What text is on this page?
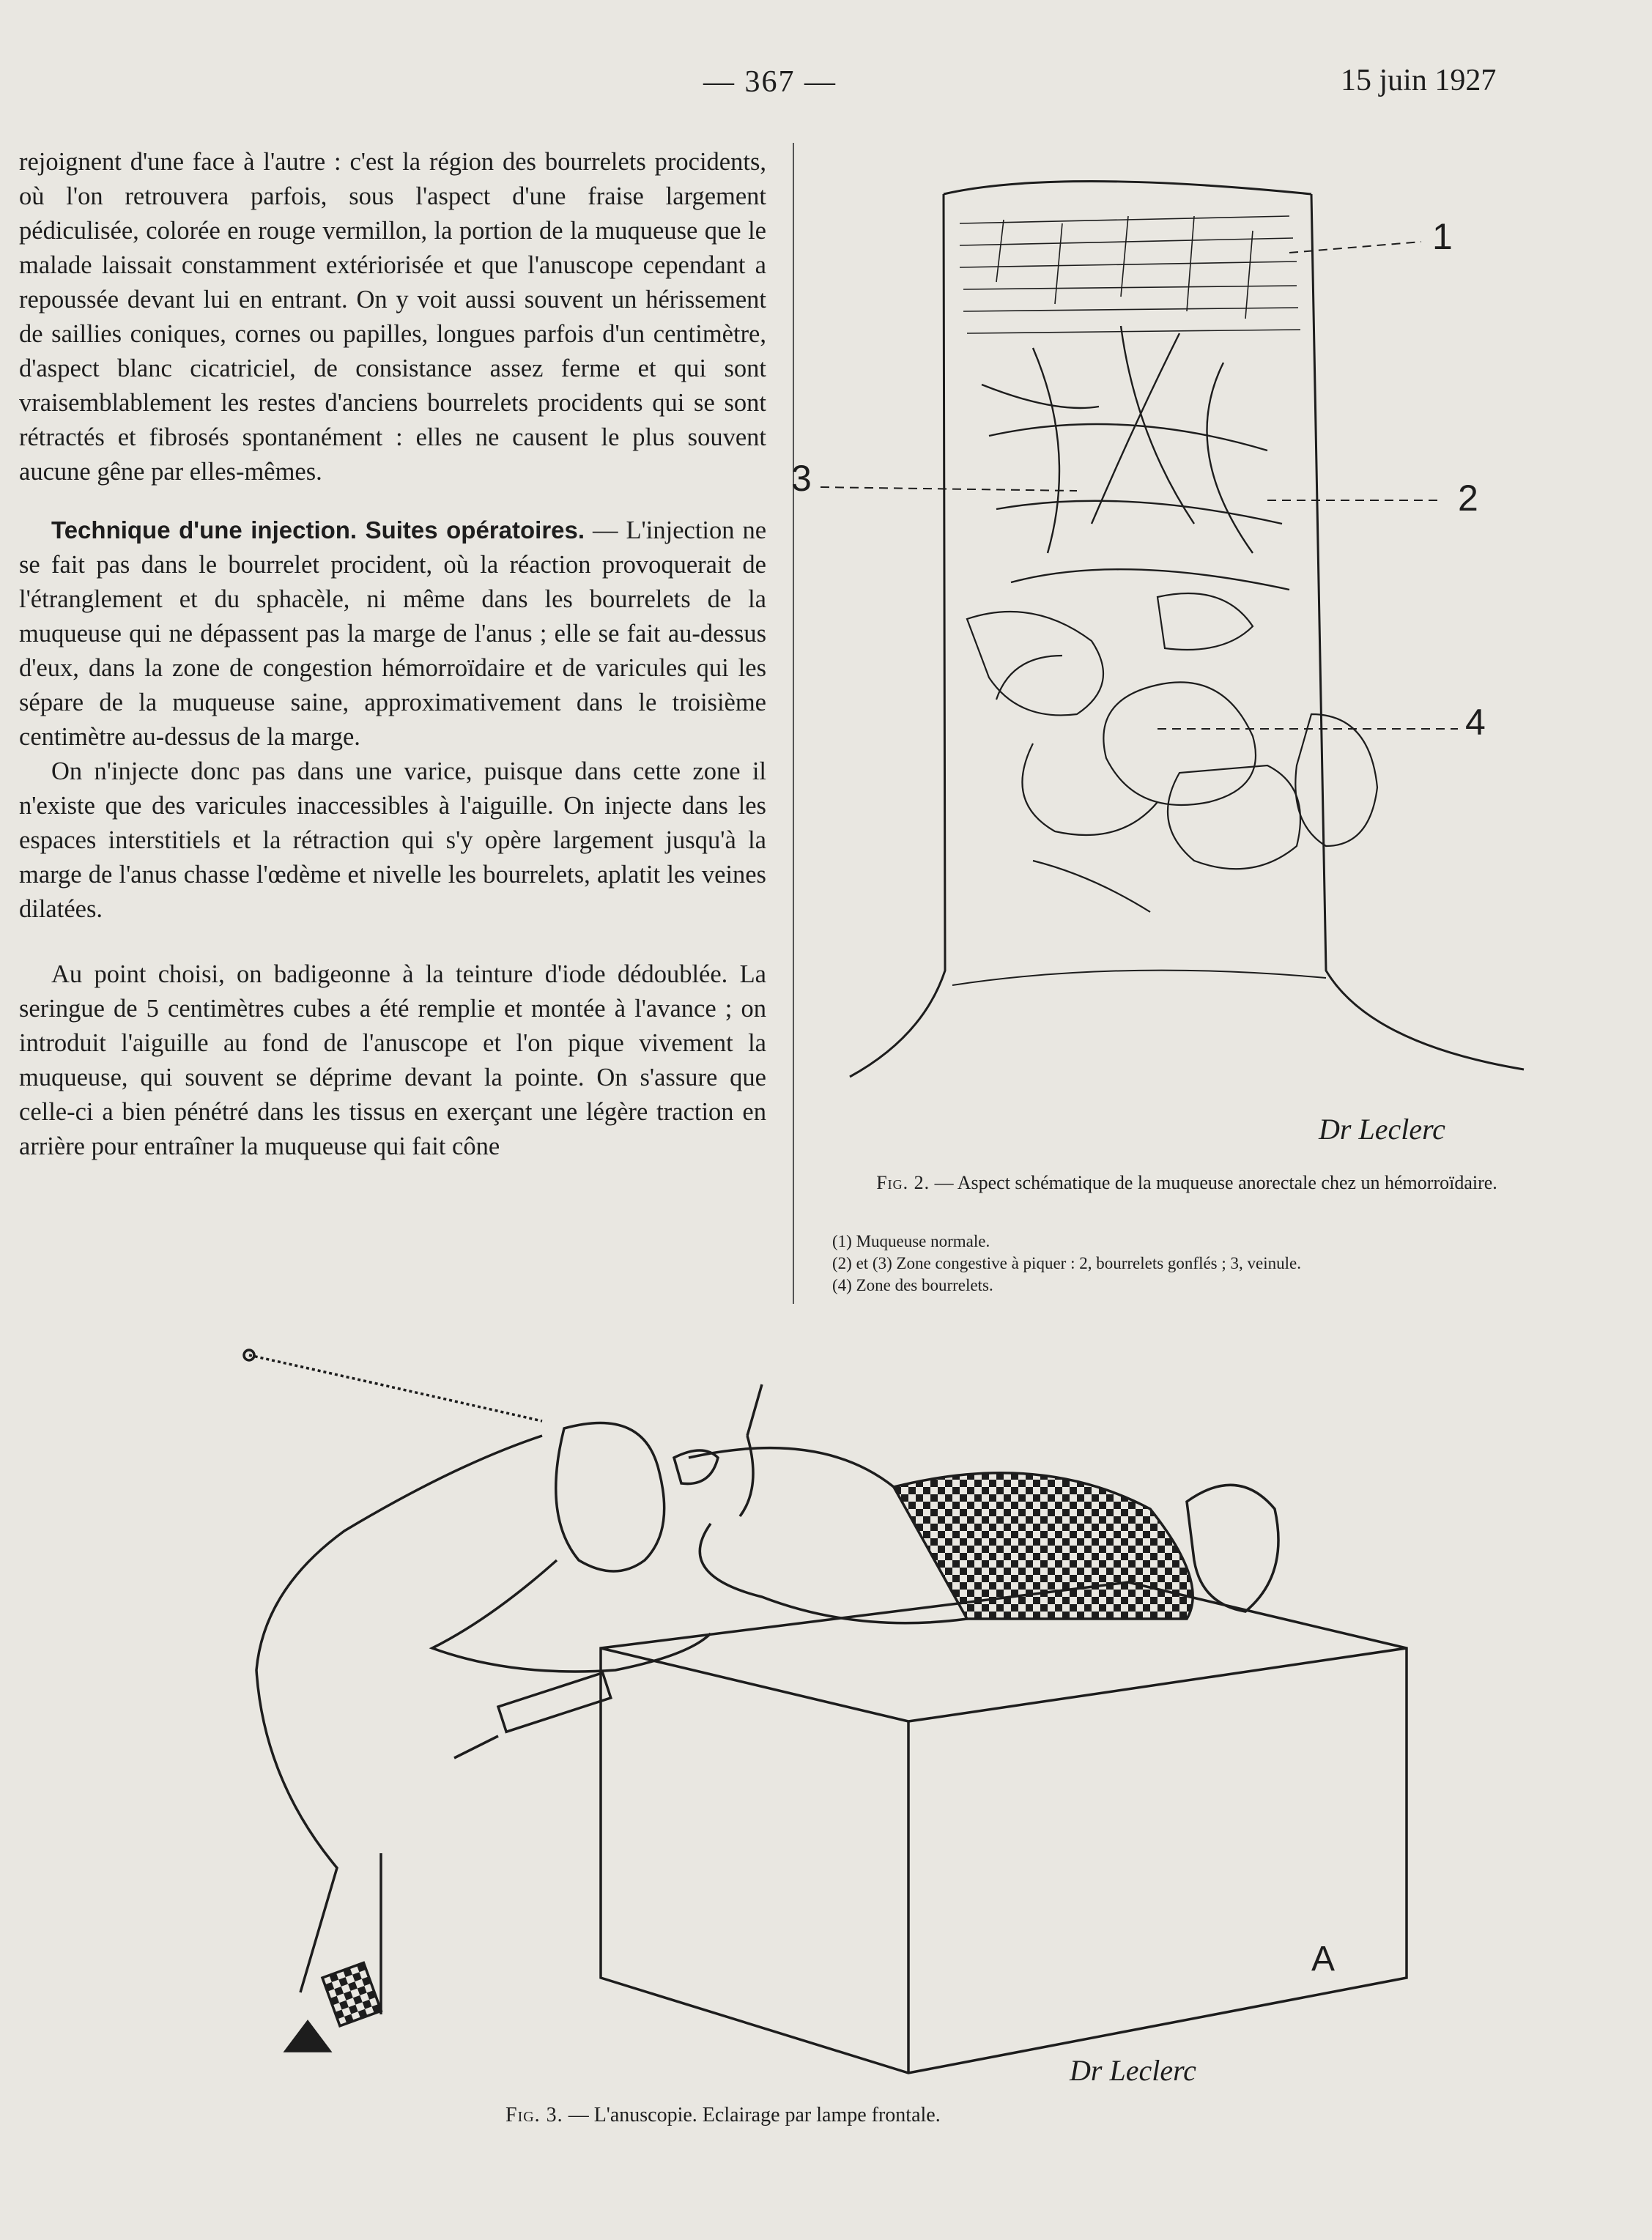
— 367 —	15 juin 1927

rejoignent d'une face à l'autre : c'est la région des bourrelets procidents, où l'on retrouvera parfois, sous l'aspect d'une fraise largement pédiculisée, colorée en rouge vermillon, la portion de la muqueuse que le malade laissait constamment extériorisée et que l'anuscope cependant a repoussée devant lui en entrant. On y voit aussi souvent un hérissement de saillies coniques, cornes ou papilles, longues parfois d'un centimètre, d'aspect blanc cicatriciel, de consistance assez ferme et qui sont vraisemblablement les restes d'anciens bourrelets procidents qui se sont rétractés et fibrosés spontanément : elles ne causent le plus souvent aucune gêne par elles-mêmes.

Technique d'une injection. Suites opératoires. — L'injection ne se fait pas dans le bourrelet procident, où la réaction provoquerait de l'étranglement et du sphacèle, ni même dans les bourrelets de la muqueuse qui ne dépassent pas la marge de l'anus ; elle se fait au-dessus d'eux, dans la zone de congestion hémorroïdaire et de varicules qui les sépare de la muqueuse saine, approximativement dans le troisième centimètre au-dessus de la marge.

On n'injecte donc pas dans une varice, puisque dans cette zone il n'existe que des varicules inaccessibles à l'aiguille. On injecte dans les espaces interstitiels et la rétraction qui s'y opère largement jusqu'à la marge de l'anus chasse l'œdème et nivelle les bourrelets, aplatit les veines dilatées.

Au point choisi, on badigeonne à la teinture d'iode dédoublée. La seringue de 5 centimètres cubes a été remplie et montée à l'avance ; on introduit l'aiguille au fond de l'anuscope et l'on pique vivement la muqueuse, qui souvent se déprime devant la pointe. On s'assure que celle-ci a bien pénétré dans les tissus en exerçant une légère traction en arrière pour entraîner la muqueuse qui fait cône

1
3	2
4
Dr Leclerc
Fig. 2. — Aspect schématique de la muqueuse anorectale chez un hémorroïdaire.
(1) Muqueuse normale.
(2) et (3) Zone congestive à piquer : 2, bourrelets gonflés ; 3, veinule.
(4) Zone des bourrelets.
A
Dr Leclerc
Fig. 3. — L'anuscopie. Eclairage par lampe frontale.
